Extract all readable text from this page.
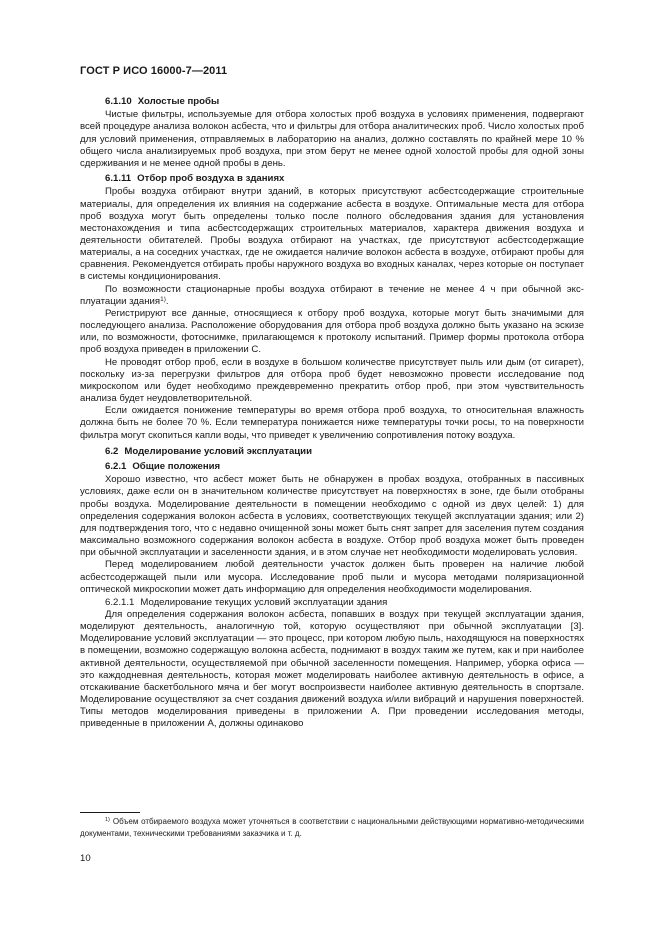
ГОСТ Р ИСО 16000-7—2011
6.1.10 Холостые пробы

Чистые фильтры, используемые для отбора холостых проб воздуха в условиях применения, подвергают всей процедуре анализа волокон асбеста, что и фильтры для отбора аналитических проб. Число холостых проб для условий применения, отправляемых в лабораторию на анализ, должно составлять по крайней мере 10 % общего числа анализируемых проб воздуха, при этом берут не менее одной холостой пробы для одной зоны сдерживания и не менее одной пробы в день.

6.1.11 Отбор проб воздуха в зданиях

Пробы воздуха отбирают внутри зданий, в которых присутствуют асбестсодержащие строительные материалы, для определения их влияния на содержание асбеста в воздухе. Оптимальные места для отбора проб воздуха могут быть определены только после полного обследования здания для установления местонахождения и типа асбестсодержащих строительных материалов, характера движения воздуха и деятельности обитателей. Пробы воздуха отбирают на участках, где присутствуют асбестсодержащие материалы, а на соседних участках, где не ожидается наличие волокон асбеста в воздухе, отбирают пробы для сравнения. Рекомендуется отбирать пробы наружного воздуха во входных каналах, через которые он поступает в системы кондиционирования.

По возможности стационарные пробы воздуха отбирают в течение не менее 4 ч при обычной эксплуатации здания$^{1)}$.

Регистрируют все данные, относящиеся к отбору проб воздуха, которые могут быть значимыми для последующего анализа. Расположение оборудования для отбора проб воздуха должно быть указано на эскизе или, по возможности, фотоснимке, прилагающемся к протоколу испытаний. Пример формы протокола отбора проб воздуха приведен в приложении С.

Не проводят отбор проб, если в воздухе в большом количестве присутствует пыль или дым (от сигарет), поскольку из-за перегрузки фильтров для отбора проб будет невозможно провести исследование под микроскопом или будет необходимо преждевременно прекратить отбор проб, при этом чувствительность анализа будет неудовлетворительной.

Если ожидается понижение температуры во время отбора проб воздуха, то относительная влажность должна быть не более 70 %. Если температура понижается ниже температуры точки росы, то на поверхности фильтра могут скопиться капли воды, что приведет к увеличению сопротивления потоку воздуха.

6.2 Моделирование условий эксплуатации
6.2.1 Общие положения

Хорошо известно, что асбест может быть не обнаружен в пробах воздуха, отобранных в пассивных условиях, даже если он в значительном количестве присутствует на поверхностях в зоне, где были отобраны пробы воздуха. Моделирование деятельности в помещении необходимо с одной из двух целей: 1) для определения содержания волокон асбеста в условиях, соответствующих текущей эксплуатации здания; или 2) для подтверждения того, что с недавно очищенной зоны может быть снят запрет для заселения путем создания максимально возможного содержания волокон асбеста в воздухе. Отбор проб воздуха может быть проведен при обычной эксплуатации и заселенности здания, и в этом случае нет необходимости моделировать условия.

Перед моделированием любой деятельности участок должен быть проверен на наличие любой асбестсодержащей пыли или мусора. Исследование проб пыли и мусора методами поляризационной оптической микроскопии может дать информацию для определения необходимости моделирования.

6.2.1.1 Моделирование текущих условий эксплуатации здания

Для определения содержания волокон асбеста, попавших в воздух при текущей эксплуатации здания, моделируют деятельность, аналогичную той, которую осуществляют при обычной эксплуатации [3]. Моделирование условий эксплуатации — это процесс, при котором любую пыль, находящуюся на поверхностях в помещении, возможно содержащую волокна асбеста, поднимают в воздух таким же путем, как и при наиболее активной деятельности, осуществляемой при обычной заселенности помещения. Например, уборка офиса — это каждодневная деятельность, которая может моделировать наиболее активную деятельность в офисе, а отскакивание баскетбольного мяча и бег могут воспроизвести наиболее активную деятельность в спортзале. Моделирование осуществляют за счет создания движений воздуха и/или вибраций и нарушения поверхностей. Типы методов моделирования приведены в приложении А. При проведении исследования методы, приведенные в приложении А, должны одинаково

$^{1)}$ Объем отбираемого воздуха может уточняться в соответствии с национальными действующими нормативно-методическими документами, техническими требованиями заказчика и т. д.
10
